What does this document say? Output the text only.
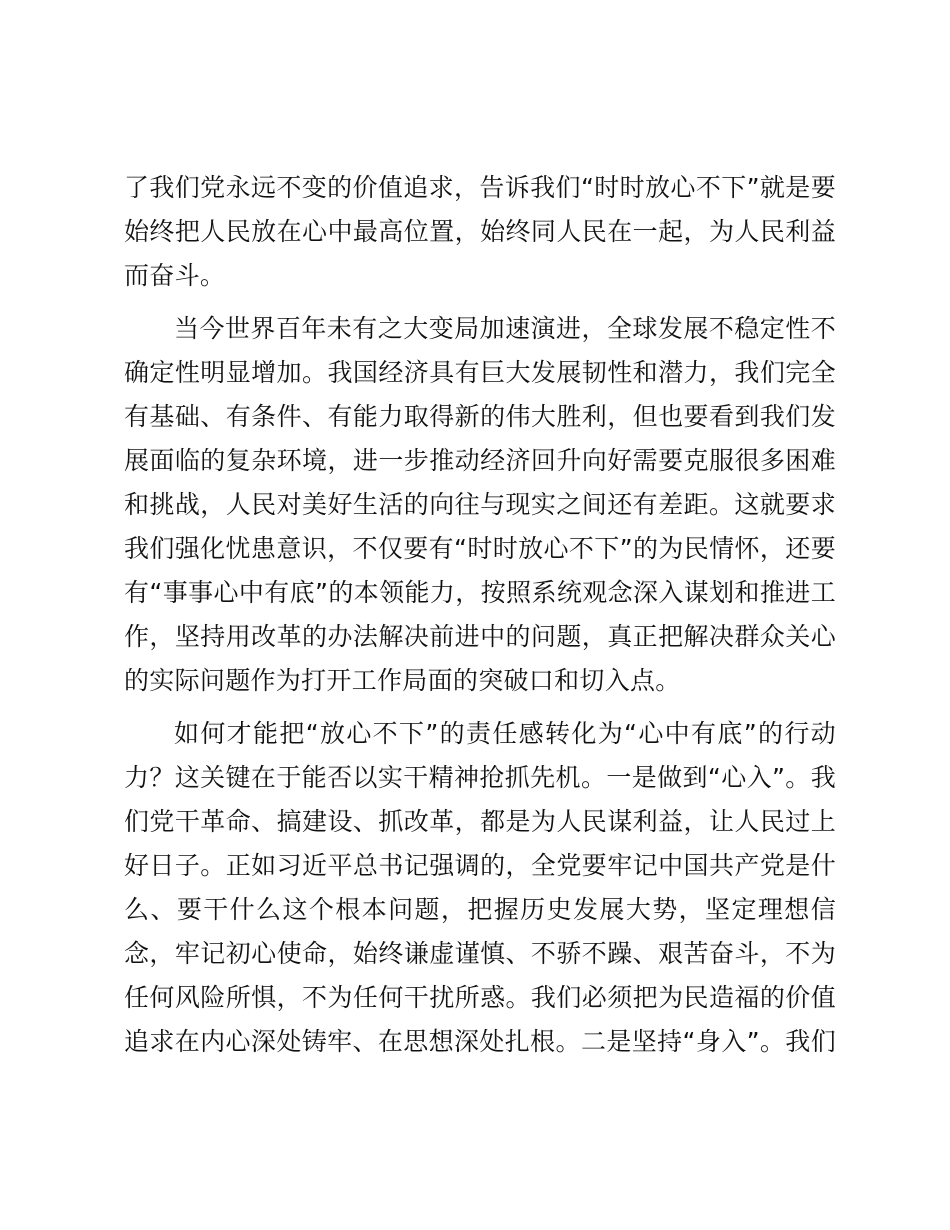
了我们党永远不变的价值追求，告诉我们“时时放心不下”就是要
始终把人民放在心中最高位置，始终同人民在一起，为人民利益
而奋斗。
当今世界百年未有之大变局加速演进，全球发展不稳定性不
确定性明显增加。我国经济具有巨大发展韧性和潜力，我们完全
有基础、有条件、有能力取得新的伟大胜利，但也要看到我们发
展面临的复杂环境，进一步推动经济回升向好需要克服很多困难
和挑战，人民对美好生活的向往与现实之间还有差距。这就要求
我们强化忧患意识，不仅要有“时时放心不下”的为民情怀，还要
有“事事心中有底”的本领能力，按照系统观念深入谋划和推进工
作，坚持用改革的办法解决前进中的问题，真正把解决群众关心
的实际问题作为打开工作局面的突破口和切入点。
如何才能把“放心不下”的责任感转化为“心中有底”的行动
力？这关键在于能否以实干精神抢抓先机。一是做到“心入”。我
们党干革命、搞建设、抓改革，都是为人民谋利益，让人民过上
好日子。正如习近平总书记强调的，全党要牢记中国共产党是什
么、要干什么这个根本问题，把握历史发展大势，坚定理想信
念，牢记初心使命，始终谦虚谨慎、不骄不躁、艰苦奋斗，不为
任何风险所惧，不为任何干扰所惑。我们必须把为民造福的价值
追求在内心深处铸牢、在思想深处扎根。二是坚持“身入”。我们
